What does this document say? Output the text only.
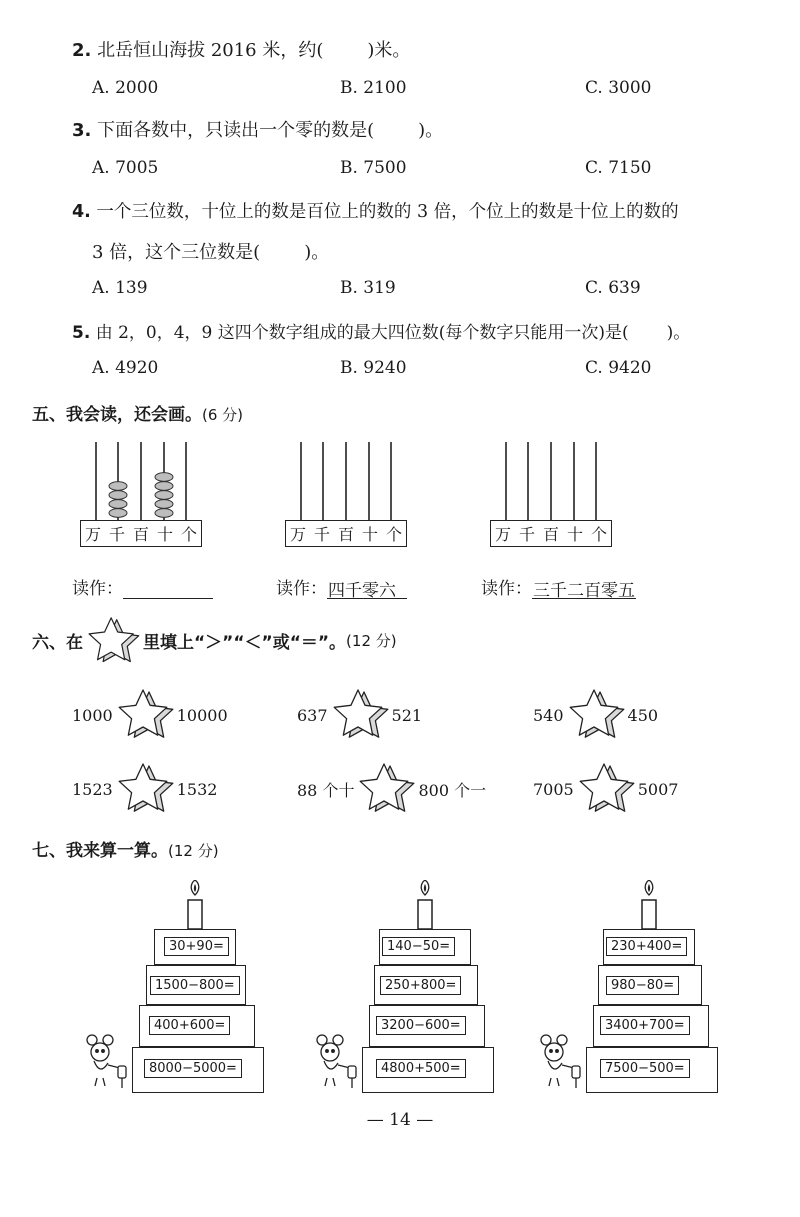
2. 北岳恒山海拔 2016 米，约( )米。
A. 2000	B. 2100	C. 3000
3. 下面各数中，只读出一个零的数是( )。
A. 7005	B. 7500	C. 7150
4. 一个三位数，十位上的数是百位上的数的 3 倍，个位上的数是十位上的数的
3 倍，这个三位数是( )。
A. 139	B. 319	C. 639
5. 由 2，0，4，9 这四个数字组成的最大四位数(每个数字只能用一次)是( )。
A. 4920	B. 9240	C. 9420
五、我会读，还会画。(6 分)
万 千 百 十 个	万 千 百 十 个	万 千 百 十 个
读作：	读作：四千零六	读作：三千二百零五
六、在	里填上“＞”“＜”或“＝”。 (12 分)
1000	10000	637	521	540	450
1523	1532	88 个十	800 个一	7005	5007
七、我来算一算。(12 分)
30+90=
1500−800=
400+600=
8000−5000=
140−50=
250+800=
3200−600=
4800+500=
230+400=
980−80=
3400+700=
7500−500=
— 14 —
